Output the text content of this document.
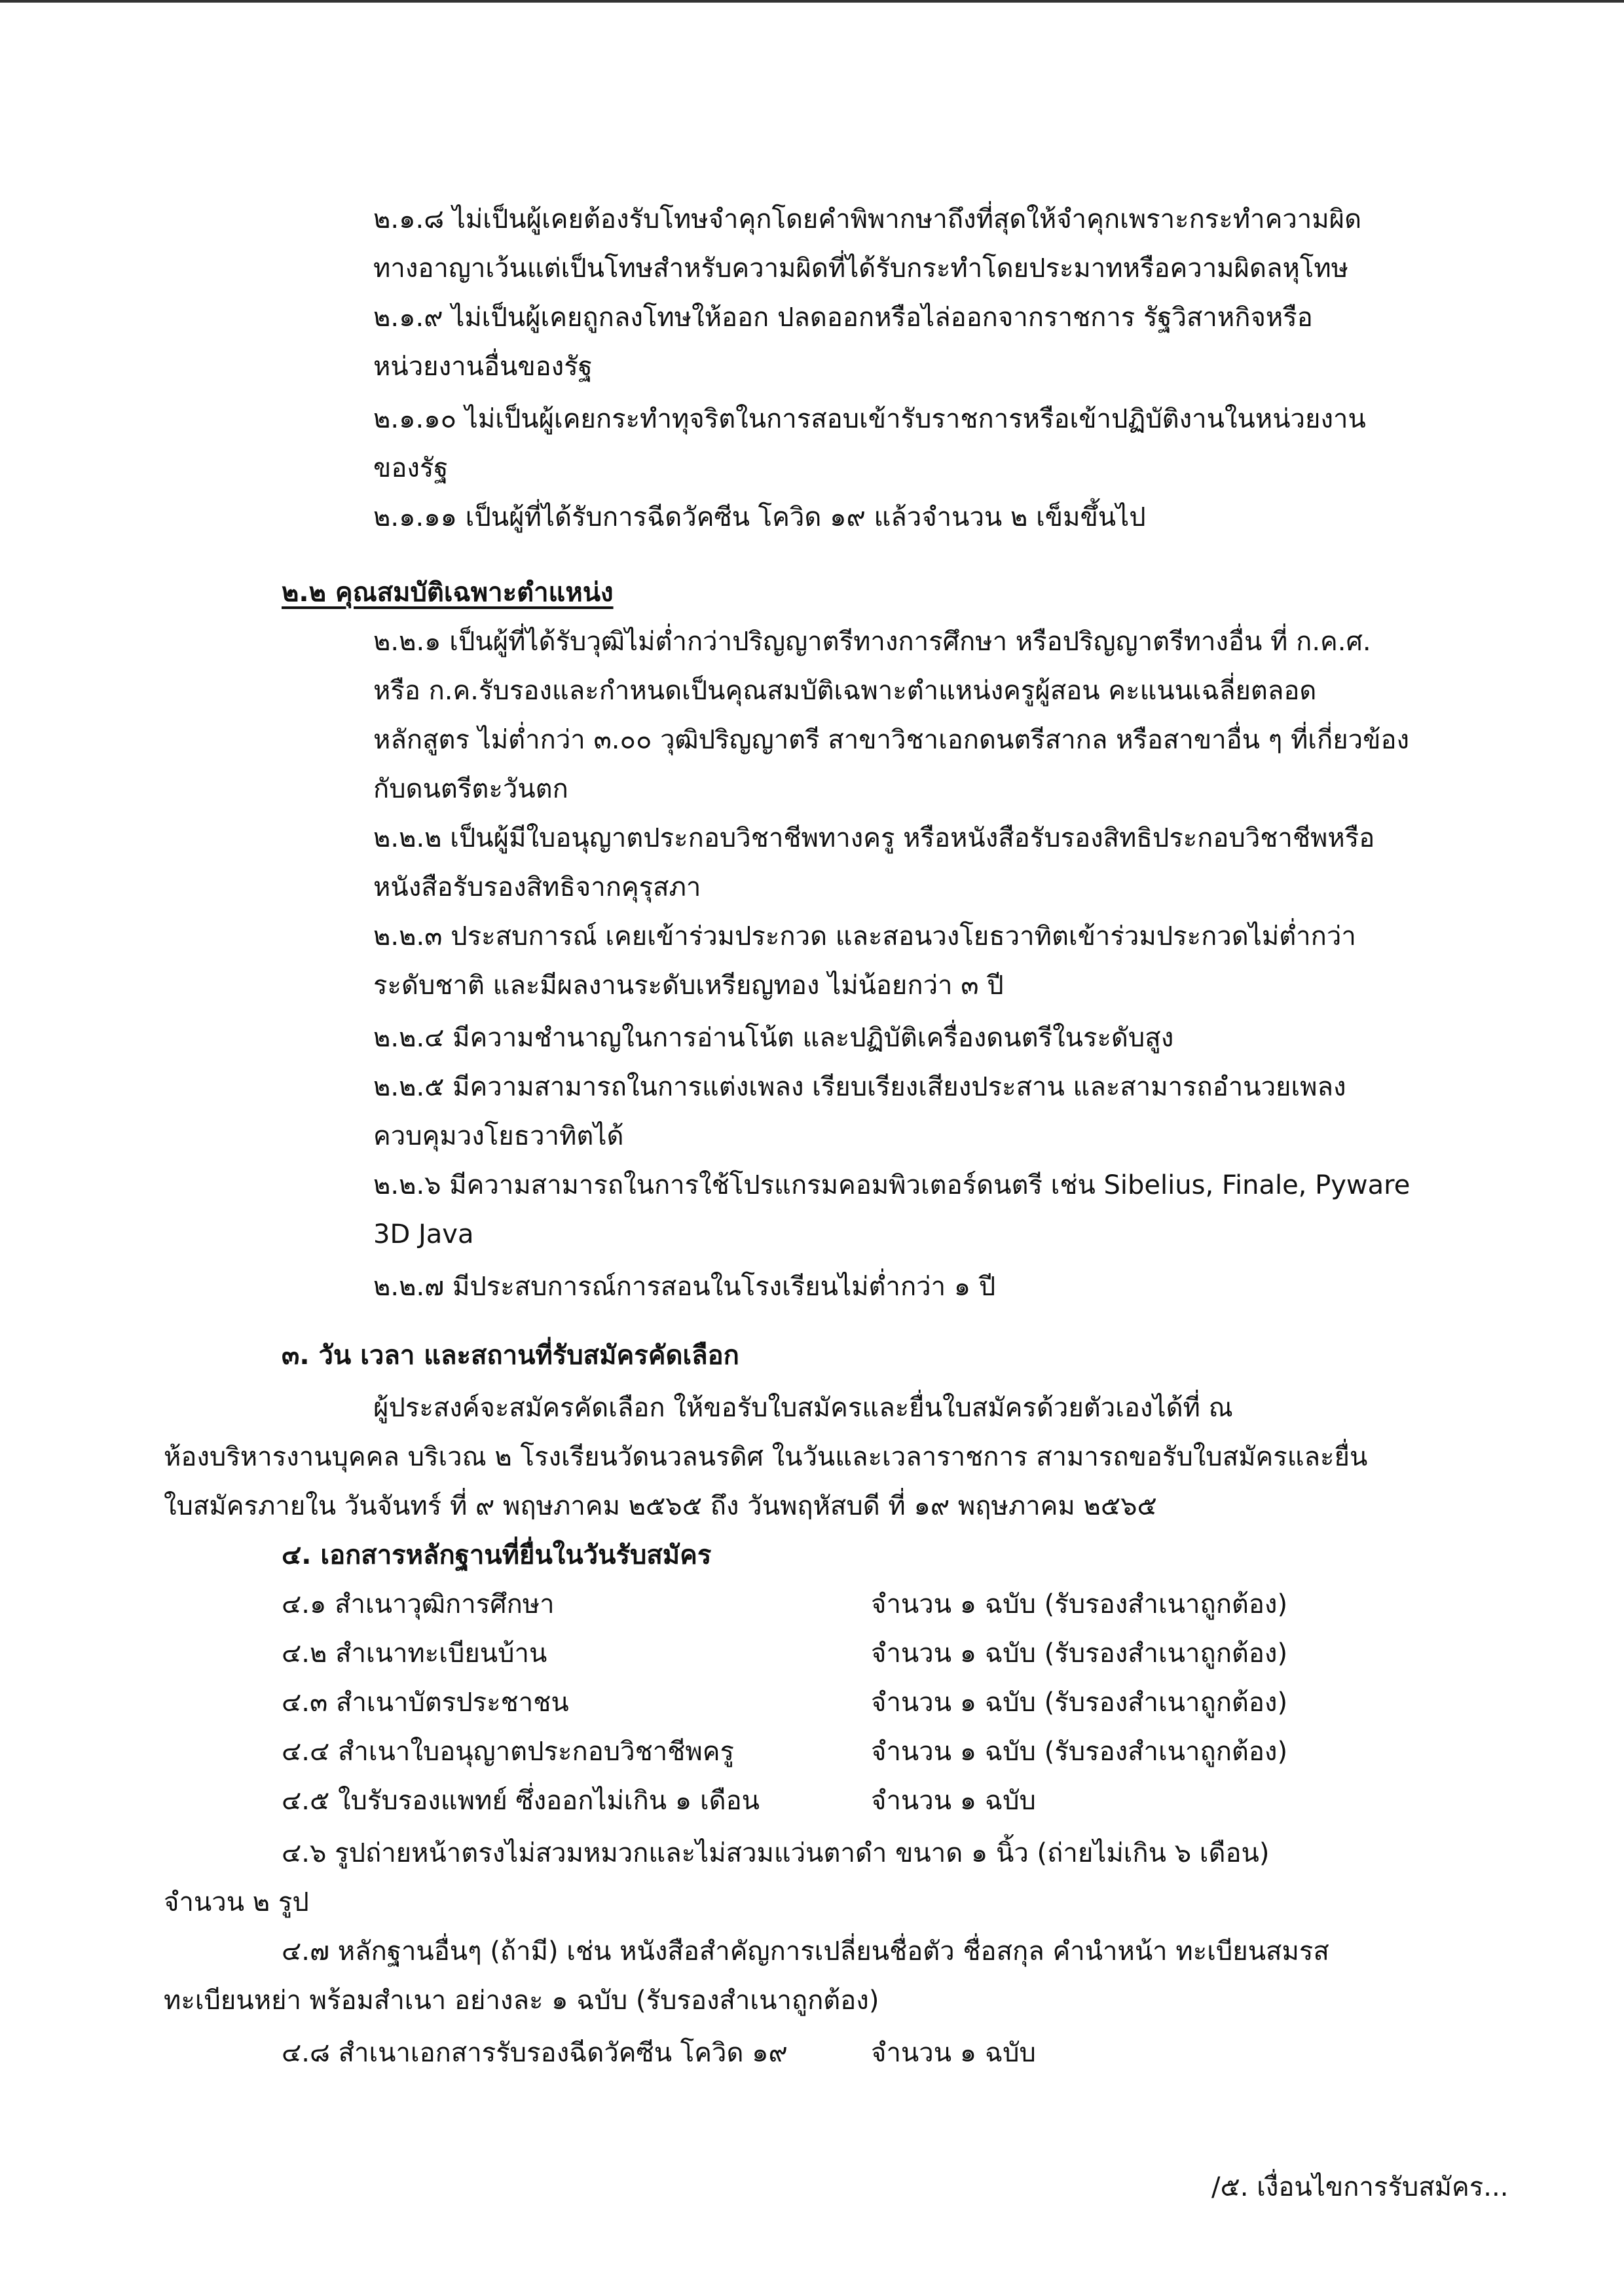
๒.๑.๘ ไม่เป็นผู้เคยต้องรับโทษจำคุกโดยคำพิพากษาถึงที่สุดให้จำคุกเพราะกระทำความผิด
ทางอาญาเว้นแต่เป็นโทษสำหรับความผิดที่ได้รับกระทำโดยประมาทหรือความผิดลหุโทษ
๒.๑.๙ ไม่เป็นผู้เคยถูกลงโทษให้ออก ปลดออกหรือไล่ออกจากราชการ รัฐวิสาหกิจหรือ
หน่วยงานอื่นของรัฐ
๒.๑.๑๐ ไม่เป็นผู้เคยกระทำทุจริตในการสอบเข้ารับราชการหรือเข้าปฏิบัติงานในหน่วยงาน
ของรัฐ
๒.๑.๑๑ เป็นผู้ที่ได้รับการฉีดวัคซีน โควิด ๑๙ แล้วจำนวน ๒ เข็มขึ้นไป
๒.๒ คุณสมบัติเฉพาะตำแหน่ง
๒.๒.๑ เป็นผู้ที่ได้รับวุฒิไม่ต่ำกว่าปริญญาตรีทางการศึกษา หรือปริญญาตรีทางอื่น ที่ ก.ค.ศ.
หรือ ก.ค.รับรองและกำหนดเป็นคุณสมบัติเฉพาะตำแหน่งครูผู้สอน คะแนนเฉลี่ยตลอด
หลักสูตร ไม่ต่ำกว่า ๓.๐๐ วุฒิปริญญาตรี สาขาวิชาเอกดนตรีสากล หรือสาขาอื่น ๆ ที่เกี่ยวข้อง
กับดนตรีตะวันตก
๒.๒.๒ เป็นผู้มีใบอนุญาตประกอบวิชาชีพทางครู หรือหนังสือรับรองสิทธิประกอบวิชาชีพหรือ
หนังสือรับรองสิทธิจากคุรุสภา
๒.๒.๓ ประสบการณ์ เคยเข้าร่วมประกวด และสอนวงโยธวาทิตเข้าร่วมประกวดไม่ต่ำกว่า
ระดับชาติ และมีผลงานระดับเหรียญทอง ไม่น้อยกว่า ๓ ปี
๒.๒.๔ มีความชำนาญในการอ่านโน้ต และปฏิบัติเครื่องดนตรีในระดับสูง
๒.๒.๕ มีความสามารถในการแต่งเพลง เรียบเรียงเสียงประสาน และสามารถอำนวยเพลง
ควบคุมวงโยธวาทิตได้
๒.๒.๖ มีความสามารถในการใช้โปรแกรมคอมพิวเตอร์ดนตรี เช่น Sibelius, Finale, Pyware
3D Java
๒.๒.๗ มีประสบการณ์การสอนในโรงเรียนไม่ต่ำกว่า ๑ ปี
๓. วัน เวลา และสถานที่รับสมัครคัดเลือก
ผู้ประสงค์จะสมัครคัดเลือก ให้ขอรับใบสมัครและยื่นใบสมัครด้วยตัวเองได้ที่ ณ
ห้องบริหารงานบุคคล บริเวณ ๒ โรงเรียนวัดนวลนรดิศ ในวันและเวลาราชการ สามารถขอรับใบสมัครและยื่น
ใบสมัครภายใน วันจันทร์ ที่ ๙ พฤษภาคม ๒๕๖๕ ถึง วันพฤหัสบดี ที่ ๑๙ พฤษภาคม ๒๕๖๕
๔. เอกสารหลักฐานที่ยื่นในวันรับสมัคร
๔.๑ สำเนาวุฒิการศึกษา	จำนวน ๑ ฉบับ (รับรองสำเนาถูกต้อง)
๔.๒ สำเนาทะเบียนบ้าน	จำนวน ๑ ฉบับ (รับรองสำเนาถูกต้อง)
๔.๓ สำเนาบัตรประชาชน	จำนวน ๑ ฉบับ (รับรองสำเนาถูกต้อง)
๔.๔ สำเนาใบอนุญาตประกอบวิชาชีพครู	จำนวน ๑ ฉบับ (รับรองสำเนาถูกต้อง)
๔.๕ ใบรับรองแพทย์ ซึ่งออกไม่เกิน ๑ เดือน	จำนวน ๑ ฉบับ
๔.๖ รูปถ่ายหน้าตรงไม่สวมหมวกและไม่สวมแว่นตาดำ ขนาด ๑ นิ้ว (ถ่ายไม่เกิน ๖ เดือน)
จำนวน ๒ รูป
๔.๗ หลักฐานอื่นๆ (ถ้ามี) เช่น หนังสือสำคัญการเปลี่ยนชื่อตัว ชื่อสกุล คำนำหน้า ทะเบียนสมรส
ทะเบียนหย่า พร้อมสำเนา อย่างละ ๑ ฉบับ (รับรองสำเนาถูกต้อง)
๔.๘ สำเนาเอกสารรับรองฉีดวัคซีน โควิด ๑๙	จำนวน ๑ ฉบับ
/๕. เงื่อนไขการรับสมัคร...
